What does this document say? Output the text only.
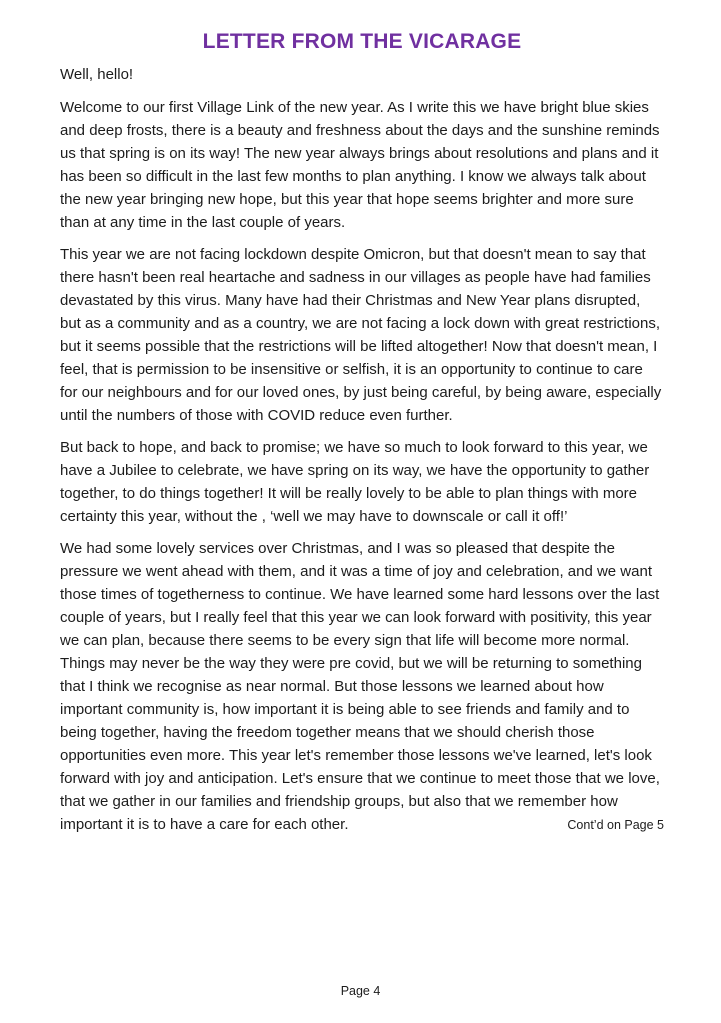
LETTER FROM THE VICARAGE

Well, hello!

Welcome to our first Village Link of the new year. As I write this we have bright blue skies and deep frosts, there is a beauty and freshness about the days and the sunshine reminds us that spring is on its way! The new year always brings about resolutions and plans and it has been so difficult in the last few months to plan anything. I know we always talk about the new year bringing new hope, but this year that hope seems brighter and more sure than at any time in the last couple of years.

This year we are not facing lockdown despite Omicron, but that doesn't mean to say that there hasn't been real heartache and sadness in our villages as people have had families devastated by this virus. Many have had their Christmas and New Year plans disrupted, but as a community and as a country, we are not facing a lock down with great restrictions, but it seems possible that the restrictions will be lifted altogether! Now that doesn't mean, I feel, that is permission to be insensitive or selfish, it is an opportunity to continue to care for our neighbours and for our loved ones, by just being careful, by being aware, especially until the numbers of those with COVID reduce even further.

But back to hope, and back to promise; we have so much to look forward to this year, we have a Jubilee to celebrate, we have spring on its way, we have the opportunity to gather together, to do things together! It will be really lovely to be able to plan things with more certainty this year, without the , ‘well we may have to downscale or call it off!’

We had some lovely services over Christmas, and I was so pleased that despite the pressure we went ahead with them, and it was a time of joy and celebration, and we want those times of togetherness to continue. We have learned some hard lessons over the last couple of years, but I really feel that this year we can look forward with positivity, this year we can plan, because there seems to be every sign that life will become more normal. Things may never be the way they were pre covid, but we will be returning to something that I think we recognise as near normal. But those lessons we learned about how important community is, how important it is being able to see friends and family and to being together, having the freedom together means that we should cherish those opportunities even more. This year let's remember those lessons we've learned, let's look forward with joy and anticipation. Let's ensure that we continue to meet those that we love, that we gather in our families and friendship groups, but also that we remember how important it is to have a care for each other.	Cont’d on Page 5
Page 4
